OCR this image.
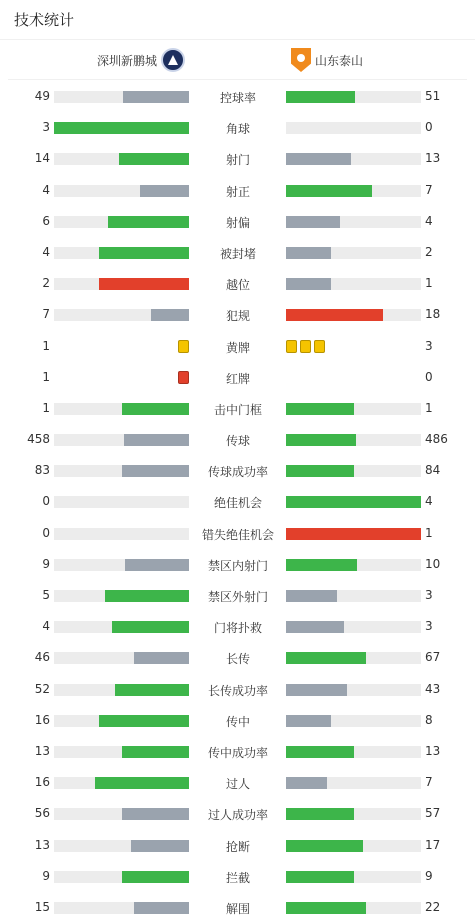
技术统计
深圳新鹏城	山东泰山
49	控球率	51
3	角球	0
14	射门	13
4	射正	7
6	射偏	4
4	被封堵	2
2	越位	1
7	犯规	18
1	黄牌	3
1	红牌	0
1	击中门框	1
458	传球	486
83	传球成功率	84
0	绝佳机会	4
0	错失绝佳机会	1
9	禁区内射门	10
5	禁区外射门	3
4	门将扑救	3
46	长传	67
52	长传成功率	43
16	传中	8
13	传中成功率	13
16	过人	7
56	过人成功率	57
13	抢断	17
9	拦截	9
15	解围	22
